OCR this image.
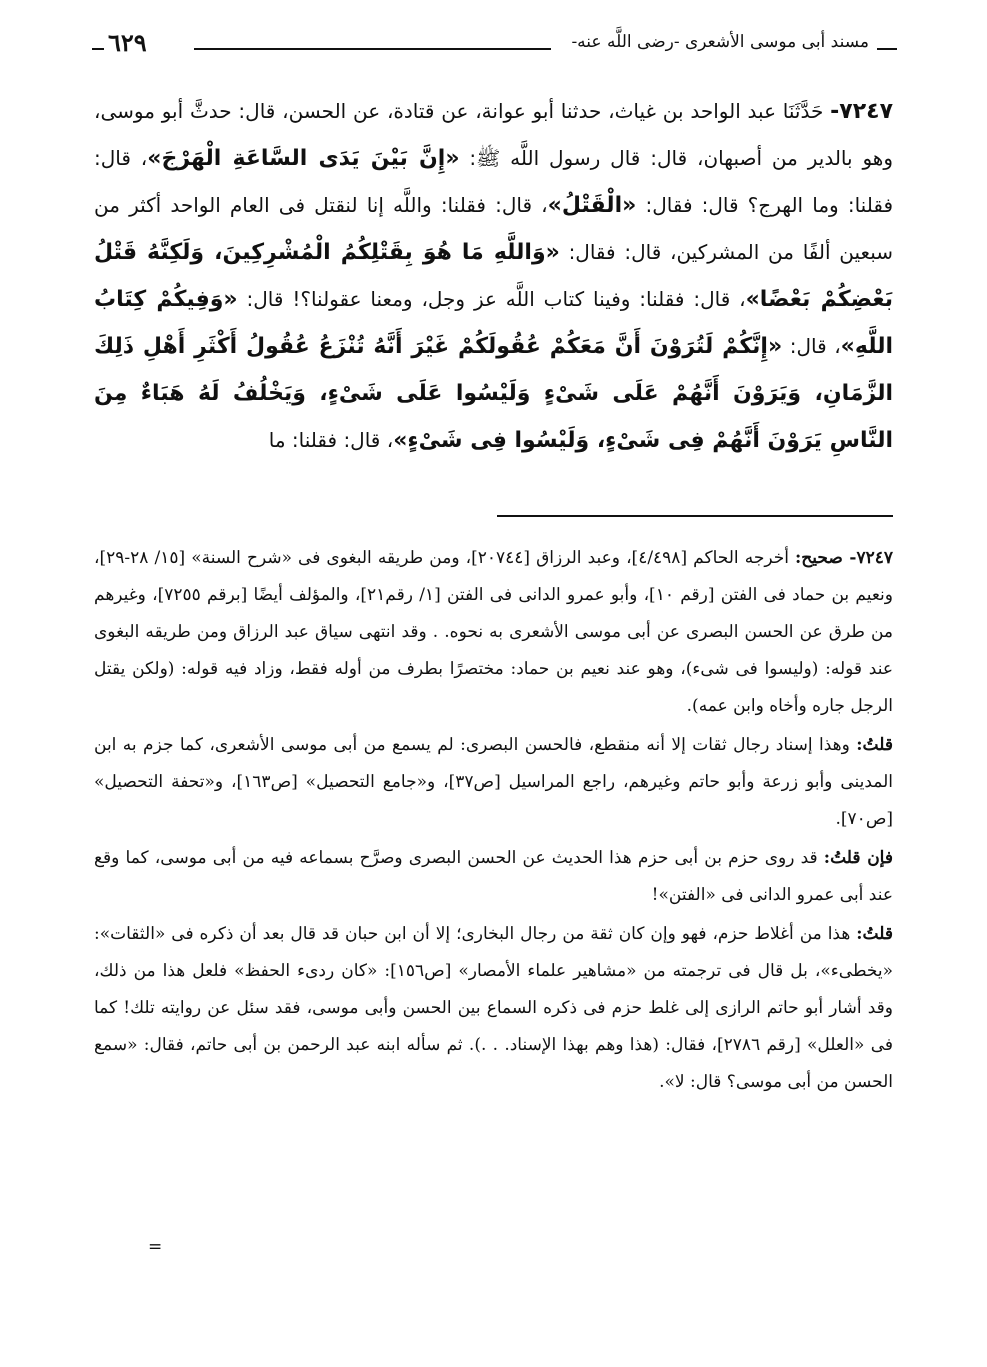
مسند أبى موسى الأشعرى -رضى اللَّه عنه-
٦٢٩

٧٢٤٧- حَدَّثَنَا عبد الواحد بن غياث، حدثنا أبو عوانة، عن قتادة، عن الحسن، قال: حدثَّ أبو موسى، وهو بالدير من أصبهان، قال: قال رسول اللَّه ﷺ: «إِنَّ بَيْنَ يَدَى السَّاعَةِ الْهَرْجَ»، قال: فقلنا: وما الهرج؟ قال: فقال: «الْقَتْلُ»، قال: فقلنا: واللَّه إنا لنقتل فى العام الواحد أكثر من سبعين ألفًا من المشركين، قال: فقال: «وَاللَّهِ مَا هُوَ بِقَتْلِكُمُ الْمُشْرِكِينَ، وَلَكِنَّهُ قَتْلُ بَعْضِكُمْ بَعْضًا»، قال: فقلنا: وفينا كتاب اللَّه عز وجل، ومعنا عقولنا؟! قال: «وَفِيكُمْ كِتَابُ اللَّهِ»، قال: «إِنَّكُمْ لَتُرَوْنَ أَنَّ مَعَكُمْ عُقُولَكُمْ غَيْرَ أَنَّهُ تُنْزَعُ عُقُولُ أَكْثَرِ أَهْلِ ذَلِكَ الزَّمَانِ، وَيَرَوْنَ أَنَّهُمْ عَلَى شَىْءٍ وَلَيْسُوا عَلَى شَىْءٍ، وَيَخْلُفُ لَهُ هَبَاءٌ مِنَ النَّاسِ يَرَوْنَ أَنَّهُمْ فِى شَىْءٍ، وَلَيْسُوا فِى شَىْءٍ»، قال: فقلنا: ما

٧٢٤٧- صحيح: أخرجه الحاكم [٤/٤٩٨]، وعبد الرزاق [٢٠٧٤٤]، ومن طريقه البغوى فى «شرح السنة» [١٥/ ٢٨-٢٩]، ونعيم بن حماد فى الفتن [رقم ١٠]، وأبو عمرو الدانى فى الفتن [١/ رقم٢١]، والمؤلف أيضًا [برقم ٧٢٥٥]، وغيرهم من طرق عن الحسن البصرى عن أبى موسى الأشعرى به نحوه. . وقد انتهى سياق عبد الرزاق ومن طريقه البغوى عند قوله: (وليسوا فى شىء)، وهو عند نعيم بن حماد: مختصرًا بطرف من أوله فقط، وزاد فيه قوله: (ولكن يقتل الرجل جاره وأخاه وابن عمه).

قلتُ: وهذا إسناد رجال ثقات إلا أنه منقطع، فالحسن البصرى: لم يسمع من أبى موسى الأشعرى، كما جزم به ابن المدينى وأبو زرعة وأبو حاتم وغيرهم، راجع المراسيل [ص٣٧]، و«جامع التحصيل» [ص١٦٣]، و«تحفة التحصيل» [ص٧٠].

فإن قلتُ: قد روى حزم بن أبى حزم هذا الحديث عن الحسن البصرى وصرَّح بسماعه فيه من أبى موسى، كما وقع عند أبى عمرو الدانى فى «الفتن»!

قلتُ: هذا من أغلاط حزم، فهو وإن كان ثقة من رجال البخارى؛ إلا أن ابن حبان قد قال بعد أن ذكره فى «الثقات»: «يخطىء»، بل قال فى ترجمته من «مشاهير علماء الأمصار» [ص١٥٦]: «كان ردىء الحفظ» فلعل هذا من ذلك، وقد أشار أبو حاتم الرازى إلى غلط حزم فى ذكره السماع بين الحسن وأبى موسى، فقد سئل عن روايته تلك! كما فى «العلل» [رقم ٢٧٨٦]، فقال: (هذا وهم بهذا الإسناد. . .). ثم سأله ابنه عبد الرحمن بن أبى حاتم، فقال: «سمع الحسن من أبى موسى؟ قال: لا».

=
